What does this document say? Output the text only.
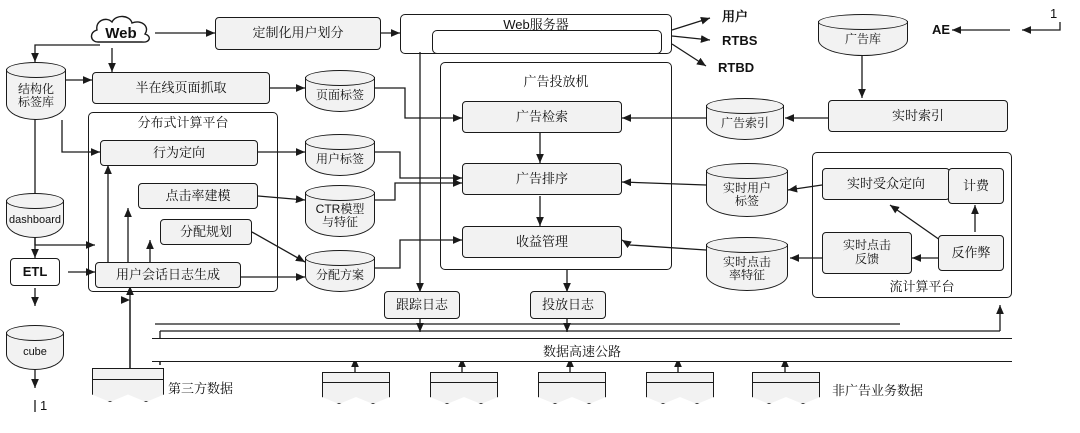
Web	定制化用户划分
Web服务器
用户
RTBS
RTBD
半在线页面抓取
结构化
标签库
分布式计算平台
行为定向
点击率建模
分配规划
用户会话日志生成
dashboard
ETL
cube
1
页面标签
用户标签
CTR模型
与特征
分配方案
广告投放机
广告检索
广告排序
收益管理
广告索引
实时用户
标签
实时点击
率特征
实时索引
广告库
AE
1
流计算平台
实时受众定向	计费
实时点击
反馈	反作弊
跟踪日志	投放日志
数据高速公路
第三方数据	非广告业务数据
